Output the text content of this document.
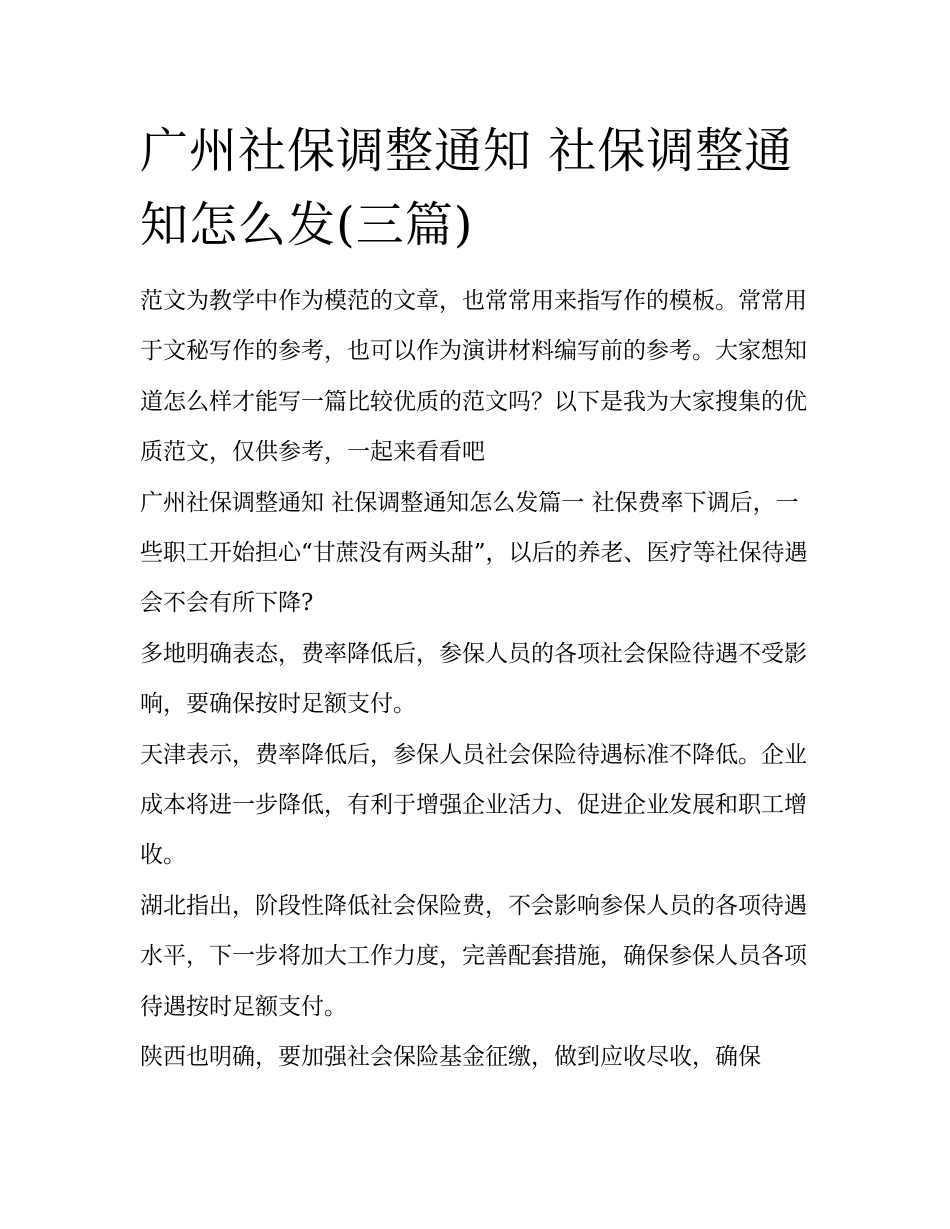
广州社保调整通知 社保调整通知怎么发(三篇)

范文为教学中作为模范的文章，也常常用来指写作的模板。常常用于文秘写作的参考，也可以作为演讲材料编写前的参考。大家想知道怎么样才能写一篇比较优质的范文吗？以下是我为大家搜集的优质范文，仅供参考，一起来看看吧

广州社保调整通知 社保调整通知怎么发篇一 社保费率下调后，一些职工开始担心“甘蔗没有两头甜”，以后的养老、医疗等社保待遇会不会有所下降?

多地明确表态，费率降低后，参保人员的各项社会保险待遇不受影响，要确保按时足额支付。

天津表示，费率降低后，参保人员社会保险待遇标准不降低。企业成本将进一步降低，有利于增强企业活力、促进企业发展和职工增收。

湖北指出，阶段性降低社会保险费，不会影响参保人员的各项待遇水平，下一步将加大工作力度，完善配套措施，确保参保人员各项待遇按时足额支付。

陕西也明确，要加强社会保险基金征缴，做到应收尽收，确保
